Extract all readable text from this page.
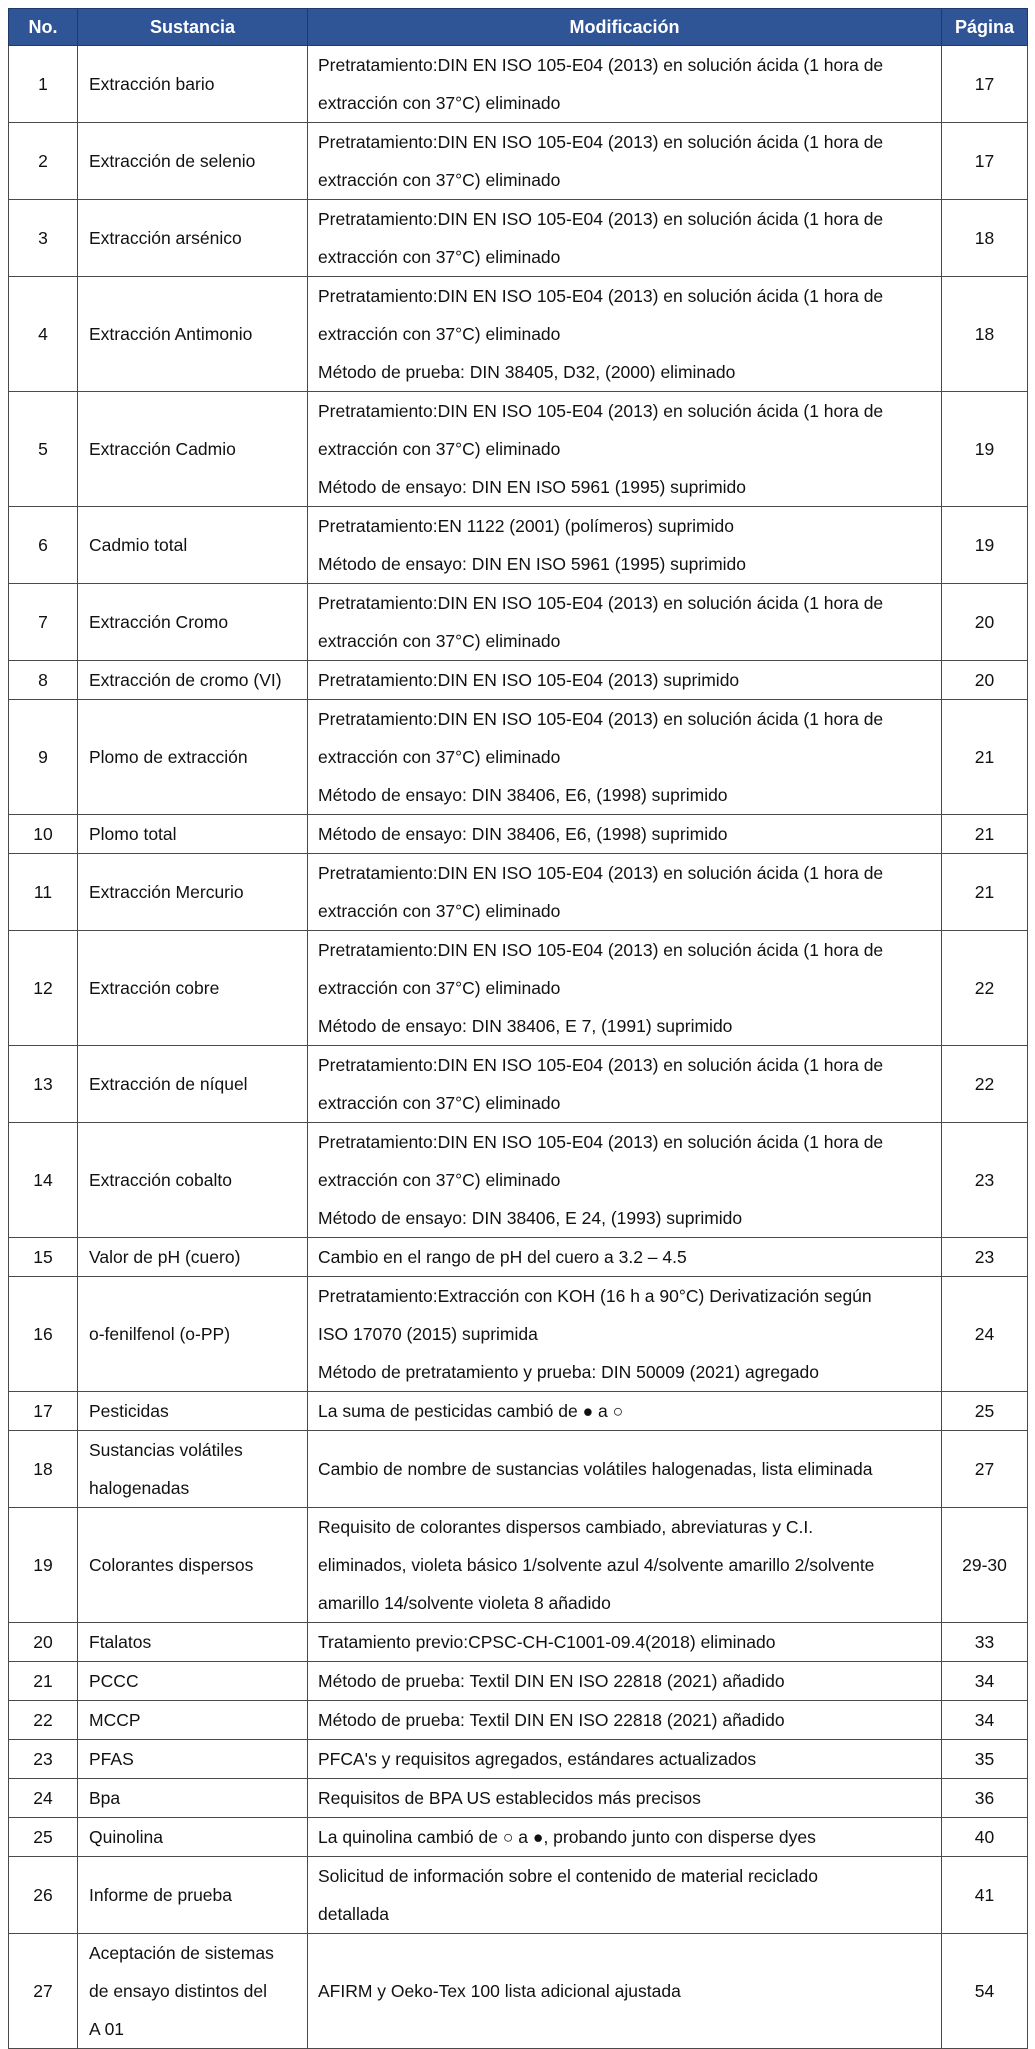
No.	Sustancia	Modificación	Página
1	Extracción bario	Pretratamiento:DIN EN ISO 105-E04 (2013) en solución ácida (1 hora de
extracción con 37°C) eliminado	17
2	Extracción de selenio	Pretratamiento:DIN EN ISO 105-E04 (2013) en solución ácida (1 hora de
extracción con 37°C) eliminado	17
3	Extracción arsénico	Pretratamiento:DIN EN ISO 105-E04 (2013) en solución ácida (1 hora de
extracción con 37°C) eliminado	18
4	Extracción Antimonio	Pretratamiento:DIN EN ISO 105-E04 (2013) en solución ácida (1 hora de
extracción con 37°C) eliminado
Método de prueba: DIN 38405, D32, (2000) eliminado	18
5	Extracción Cadmio	Pretratamiento:DIN EN ISO 105-E04 (2013) en solución ácida (1 hora de
extracción con 37°C) eliminado
Método de ensayo: DIN EN ISO 5961 (1995) suprimido	19
6	Cadmio total	Pretratamiento:EN 1122 (2001) (polímeros) suprimido
Método de ensayo: DIN EN ISO 5961 (1995) suprimido	19
7	Extracción Cromo	Pretratamiento:DIN EN ISO 105-E04 (2013) en solución ácida (1 hora de
extracción con 37°C) eliminado	20
8	Extracción de cromo (VI)	Pretratamiento:DIN EN ISO 105-E04 (2013) suprimido	20
9	Plomo de extracción	Pretratamiento:DIN EN ISO 105-E04 (2013) en solución ácida (1 hora de
extracción con 37°C) eliminado
Método de ensayo: DIN 38406, E6, (1998) suprimido	21
10	Plomo total	Método de ensayo: DIN 38406, E6, (1998) suprimido	21
11	Extracción Mercurio	Pretratamiento:DIN EN ISO 105-E04 (2013) en solución ácida (1 hora de
extracción con 37°C) eliminado	21
12	Extracción cobre	Pretratamiento:DIN EN ISO 105-E04 (2013) en solución ácida (1 hora de
extracción con 37°C) eliminado
Método de ensayo: DIN 38406, E 7, (1991) suprimido	22
13	Extracción de níquel	Pretratamiento:DIN EN ISO 105-E04 (2013) en solución ácida (1 hora de
extracción con 37°C) eliminado	22
14	Extracción cobalto	Pretratamiento:DIN EN ISO 105-E04 (2013) en solución ácida (1 hora de
extracción con 37°C) eliminado
Método de ensayo: DIN 38406, E 24, (1993) suprimido	23
15	Valor de pH (cuero)	Cambio en el rango de pH del cuero a 3.2 – 4.5	23
16	o-fenilfenol (o-PP)	Pretratamiento:Extracción con KOH (16 h a 90°C) Derivatización según
ISO 17070 (2015) suprimida
Método de pretratamiento y prueba: DIN 50009 (2021) agregado	24
17	Pesticidas	La suma de pesticidas cambió de ● a ○	25
18	Sustancias volátiles
halogenadas	Cambio de nombre de sustancias volátiles halogenadas, lista eliminada	27
19	Colorantes dispersos	Requisito de colorantes dispersos cambiado, abreviaturas y C.I.
eliminados, violeta básico 1/solvente azul 4/solvente amarillo 2/solvente
amarillo 14/solvente violeta 8 añadido	29-30
20	Ftalatos	Tratamiento previo:CPSC-CH-C1001-09.4(2018) eliminado	33
21	PCCC	Método de prueba: Textil DIN EN ISO 22818 (2021) añadido	34
22	MCCP	Método de prueba: Textil DIN EN ISO 22818 (2021) añadido	34
23	PFAS	PFCA's y requisitos agregados, estándares actualizados	35
24	Bpa	Requisitos de BPA US establecidos más precisos	36
25	Quinolina	La quinolina cambió de ○ a ●, probando junto con disperse dyes	40
26	Informe de prueba	Solicitud de información sobre el contenido de material reciclado
detallada	41
27	Aceptación de sistemas
de ensayo distintos del
A 01	AFIRM y Oeko-Tex 100 lista adicional ajustada	54
